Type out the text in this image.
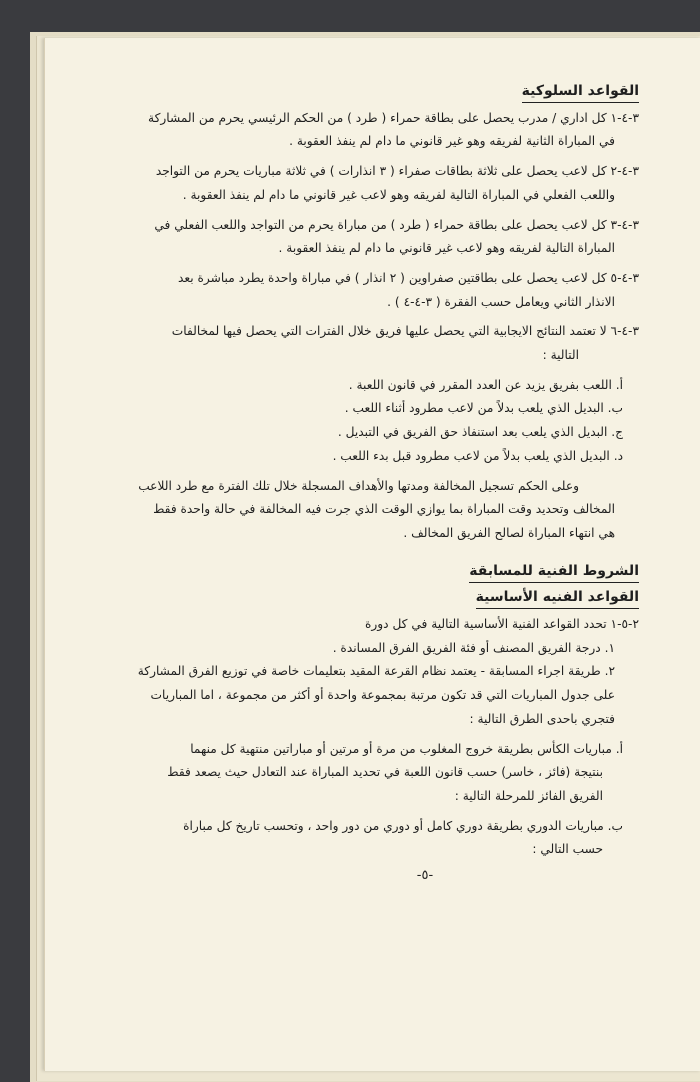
القواعد السلوكية
٣-٤-١ كل اداري / مدرب يحصل على بطاقة حمراء ( طرد ) من الحكم الرئيسي يحرم من المشاركة
في المباراة الثانية لفريقه وهو غير قانوني ما دام لم ينفذ العقوبة .
٣-٤-٢ كل لاعب يحصل على ثلاثة بطاقات صفراء ( ٣ انذارات ) في ثلاثة مباريات يحرم من التواجد
واللعب الفعلي في المباراة التالية لفريقه وهو لاعب غير قانوني ما دام لم ينفذ العقوبة .
٣-٤-٣ كل لاعب يحصل على بطاقة حمراء ( طرد ) من مباراة يحرم من التواجد واللعب الفعلي في
المباراة التالية لفريقه وهو لاعب غير قانوني ما دام لم ينفذ العقوبة .
٣-٤-٥ كل لاعب يحصل على بطاقتين صفراوين ( ٢ انذار ) في مباراة واحدة يطرد مباشرة بعد
الانذار الثاني ويعامل حسب الفقرة ( ٣-٤-٤ ) .
٣-٤-٦ لا تعتمد النتائج الايجابية التي يحصل عليها فريق خلال الفترات التي يحصل فيها لمخالفات
التالية :
أ. اللعب بفريق يزيد عن العدد المقرر في قانون اللعبة .
ب. البديل الذي يلعب بدلاً من لاعب مطرود أثناء اللعب .
ج. البديل الذي يلعب بعد استنفاذ حق الفريق في التبديل .
د. البديل الذي يلعب بدلاً من لاعب مطرود قبل بدء اللعب .
وعلى الحكم تسجيل المخالفة ومدتها والأهداف المسجلة خلال تلك الفترة مع طرد اللاعب
المخالف وتحديد وقت المباراة بما يوازي الوقت الذي جرت فيه المخالفة في حالة واحدة فقط
هي انتهاء المباراة لصالح الفريق المخالف .
الشروط الفنية للمسابقة
القواعد الفنيه الأساسية
٢-٥-١ تحدد القواعد الفنية الأساسية التالية في كل دورة
١. درجة الفريق المصنف أو فئة الفريق الفرق المساندة .
٢. طريقة اجراء المسابقة - يعتمد نظام القرعة المقيد بتعليمات خاصة في توزيع الفرق المشاركة
على جدول المباريات التي قد تكون مرتبة بمجموعة واحدة أو أكثر من مجموعة ، اما المباريات
فتجري باحدى الطرق التالية :
أ. مباريات الكأس بطريقة خروج المغلوب من مرة أو مرتين أو مباراتين منتهية كل منهما
بنتيجة (فائز ، خاسر) حسب قانون اللعبة في تحديد المباراة عند التعادل حيث يصعد فقط
الفريق الفائز للمرحلة التالية :
ب. مباريات الدوري بطريقة دوري كامل أو دوري من دور واحد ، وتحسب تاريخ كل مباراة
حسب التالي :
-٥-
